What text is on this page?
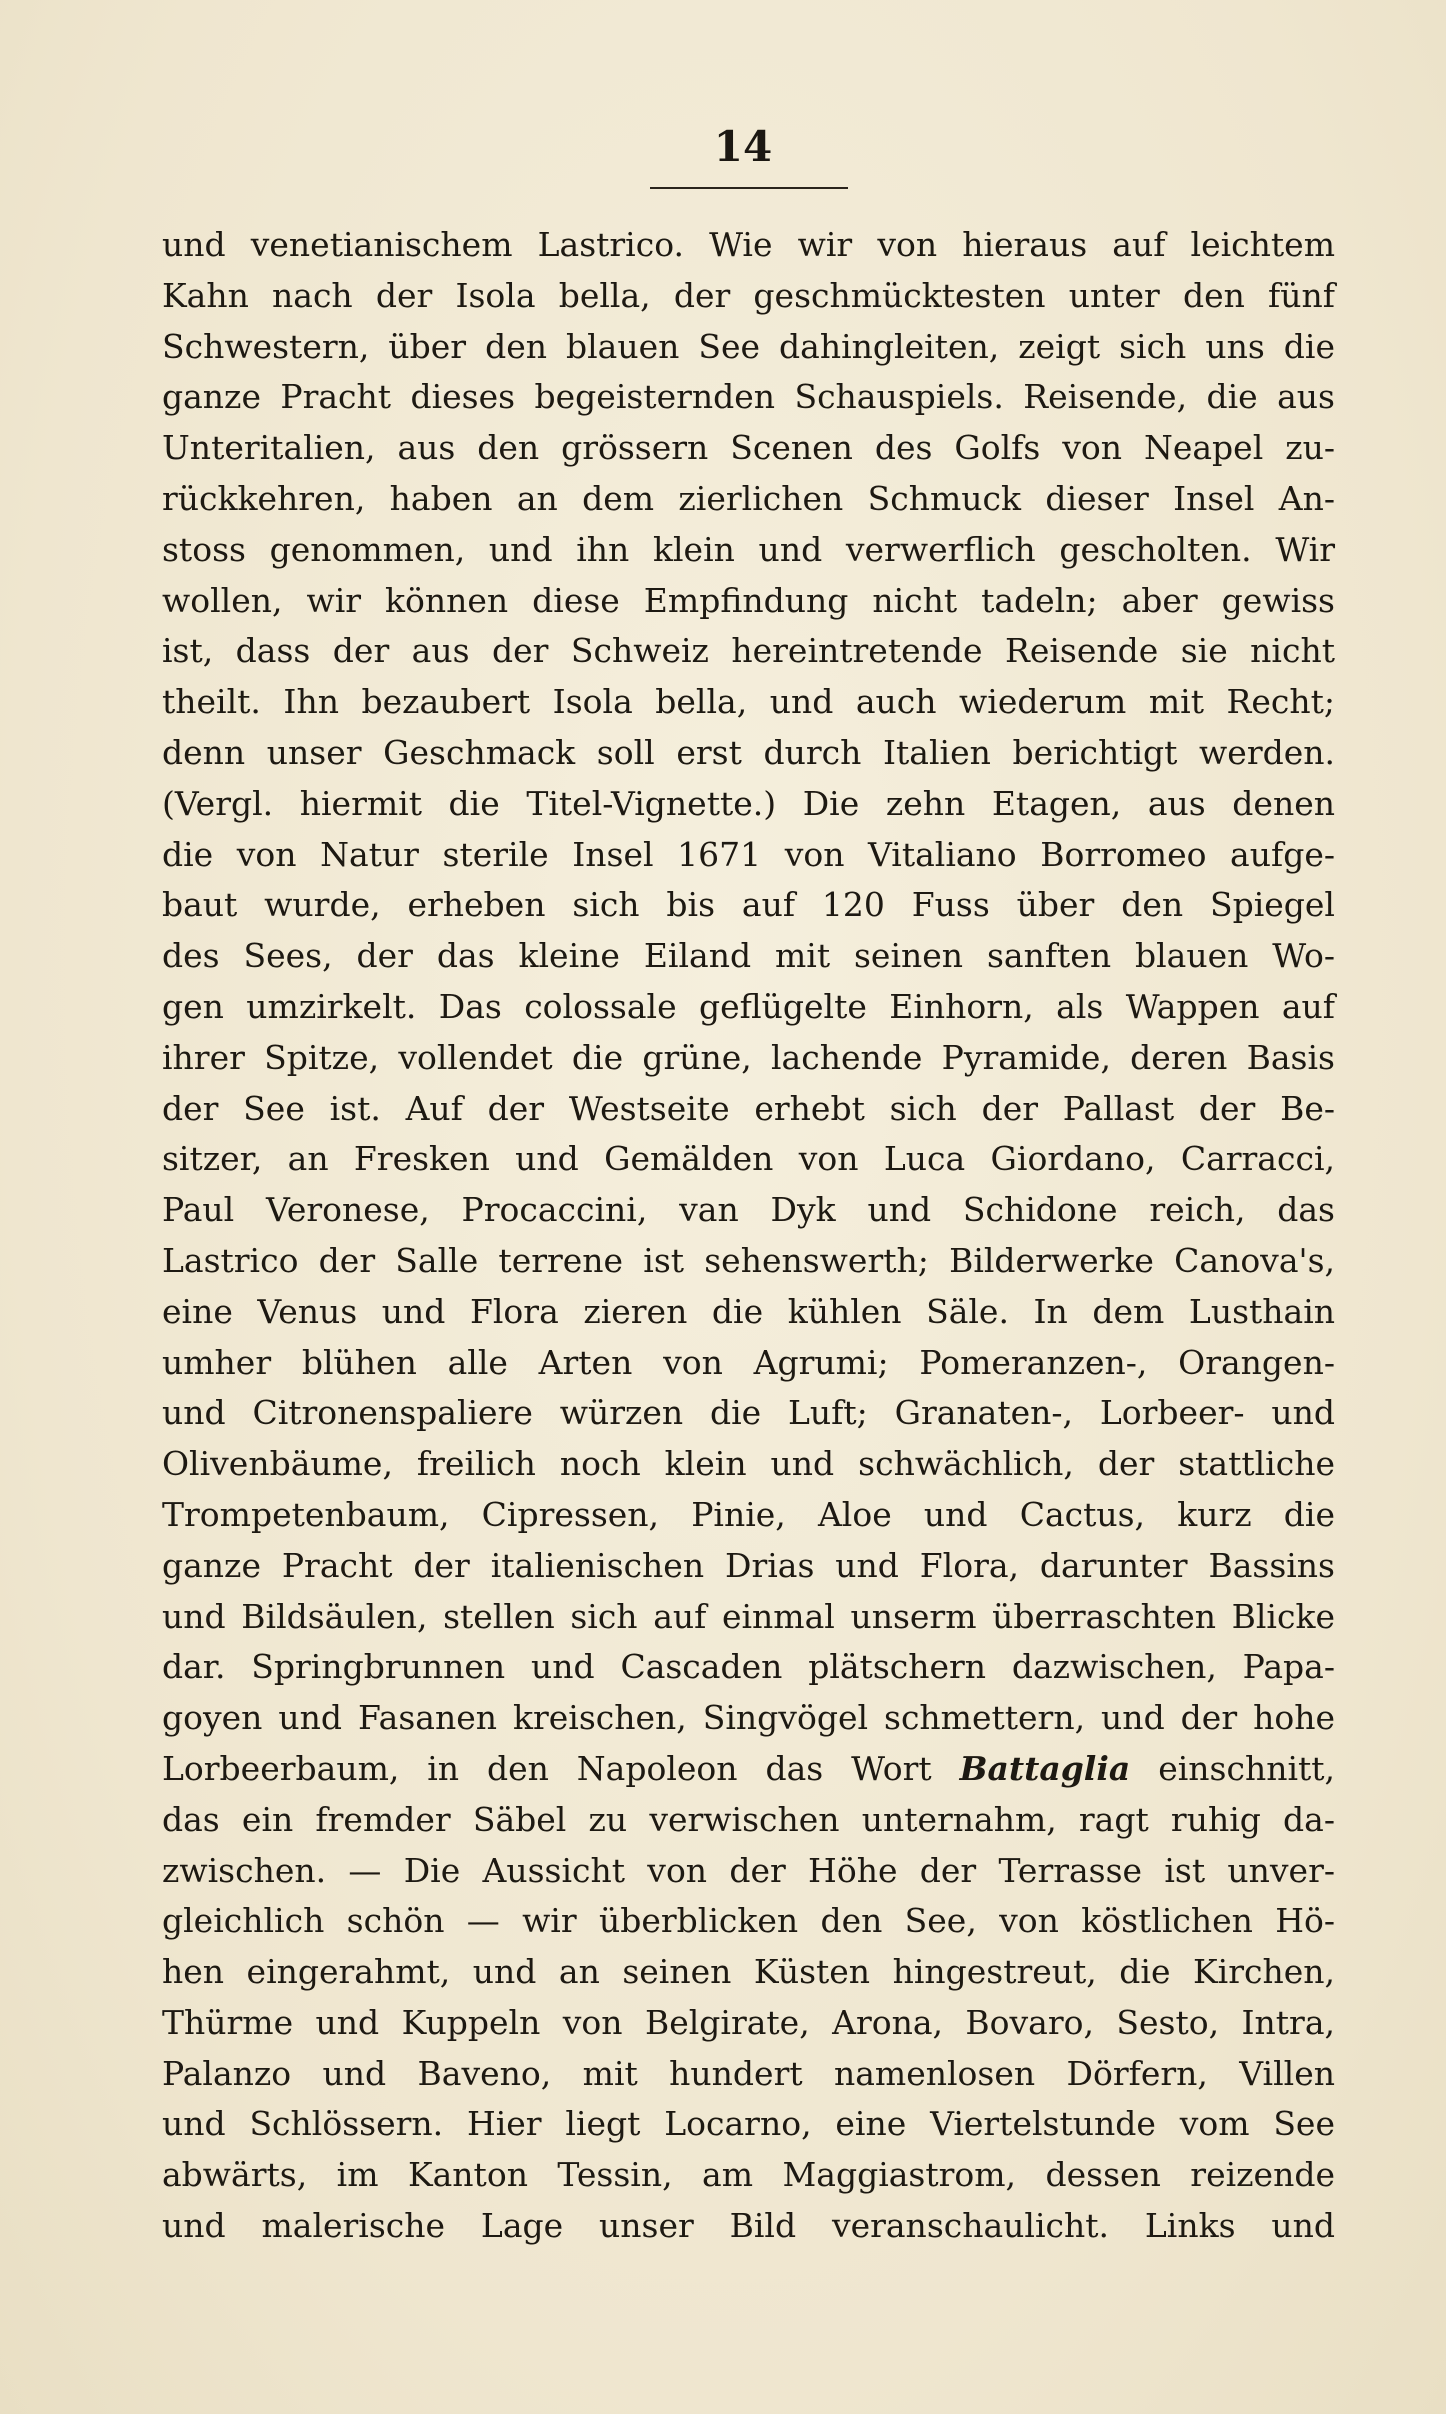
14
und venetianischem Lastrico. Wie wir von hieraus auf leichtem
Kahn nach der Isola bella, der geschmücktesten unter den fünf
Schwestern, über den blauen See dahingleiten, zeigt sich uns die
ganze Pracht dieses begeisternden Schauspiels. Reisende, die aus
Unteritalien, aus den grössern Scenen des Golfs von Neapel zu-
rückkehren, haben an dem zierlichen Schmuck dieser Insel An-
stoss genommen, und ihn klein und verwerflich gescholten. Wir
wollen, wir können diese Empfindung nicht tadeln; aber gewiss
ist, dass der aus der Schweiz hereintretende Reisende sie nicht
theilt. Ihn bezaubert Isola bella, und auch wiederum mit Recht;
denn unser Geschmack soll erst durch Italien berichtigt werden.
(Vergl. hiermit die Titel-Vignette.) Die zehn Etagen, aus denen
die von Natur sterile Insel 1671 von Vitaliano Borromeo aufge-
baut wurde, erheben sich bis auf 120 Fuss über den Spiegel
des Sees, der das kleine Eiland mit seinen sanften blauen Wo-
gen umzirkelt. Das colossale geflügelte Einhorn, als Wappen auf
ihrer Spitze, vollendet die grüne, lachende Pyramide, deren Basis
der See ist. Auf der Westseite erhebt sich der Pallast der Be-
sitzer, an Fresken und Gemälden von Luca Giordano, Carracci,
Paul Veronese, Procaccini, van Dyk und Schidone reich, das
Lastrico der Salle terrene ist sehenswerth; Bilderwerke Canova's,
eine Venus und Flora zieren die kühlen Säle. In dem Lusthain
umher blühen alle Arten von Agrumi; Pomeranzen-, Orangen-
und Citronenspaliere würzen die Luft; Granaten-, Lorbeer- und
Olivenbäume, freilich noch klein und schwächlich, der stattliche
Trompetenbaum, Cipressen, Pinie, Aloe und Cactus, kurz die
ganze Pracht der italienischen Drias und Flora, darunter Bassins
und Bildsäulen, stellen sich auf einmal unserm überraschten Blicke
dar. Springbrunnen und Cascaden plätschern dazwischen, Papa-
goyen und Fasanen kreischen, Singvögel schmettern, und der hohe
Lorbeerbaum, in den Napoleon das Wort Battaglia einschnitt,
das ein fremder Säbel zu verwischen unternahm, ragt ruhig da-
zwischen. — Die Aussicht von der Höhe der Terrasse ist unver-
gleichlich schön — wir überblicken den See, von köstlichen Hö-
hen eingerahmt, und an seinen Küsten hingestreut, die Kirchen,
Thürme und Kuppeln von Belgirate, Arona, Bovaro, Sesto, Intra,
Palanzo und Baveno, mit hundert namenlosen Dörfern, Villen
und Schlössern. Hier liegt Locarno, eine Viertelstunde vom See
abwärts, im Kanton Tessin, am Maggiastrom, dessen reizende
und malerische Lage unser Bild veranschaulicht. Links und
